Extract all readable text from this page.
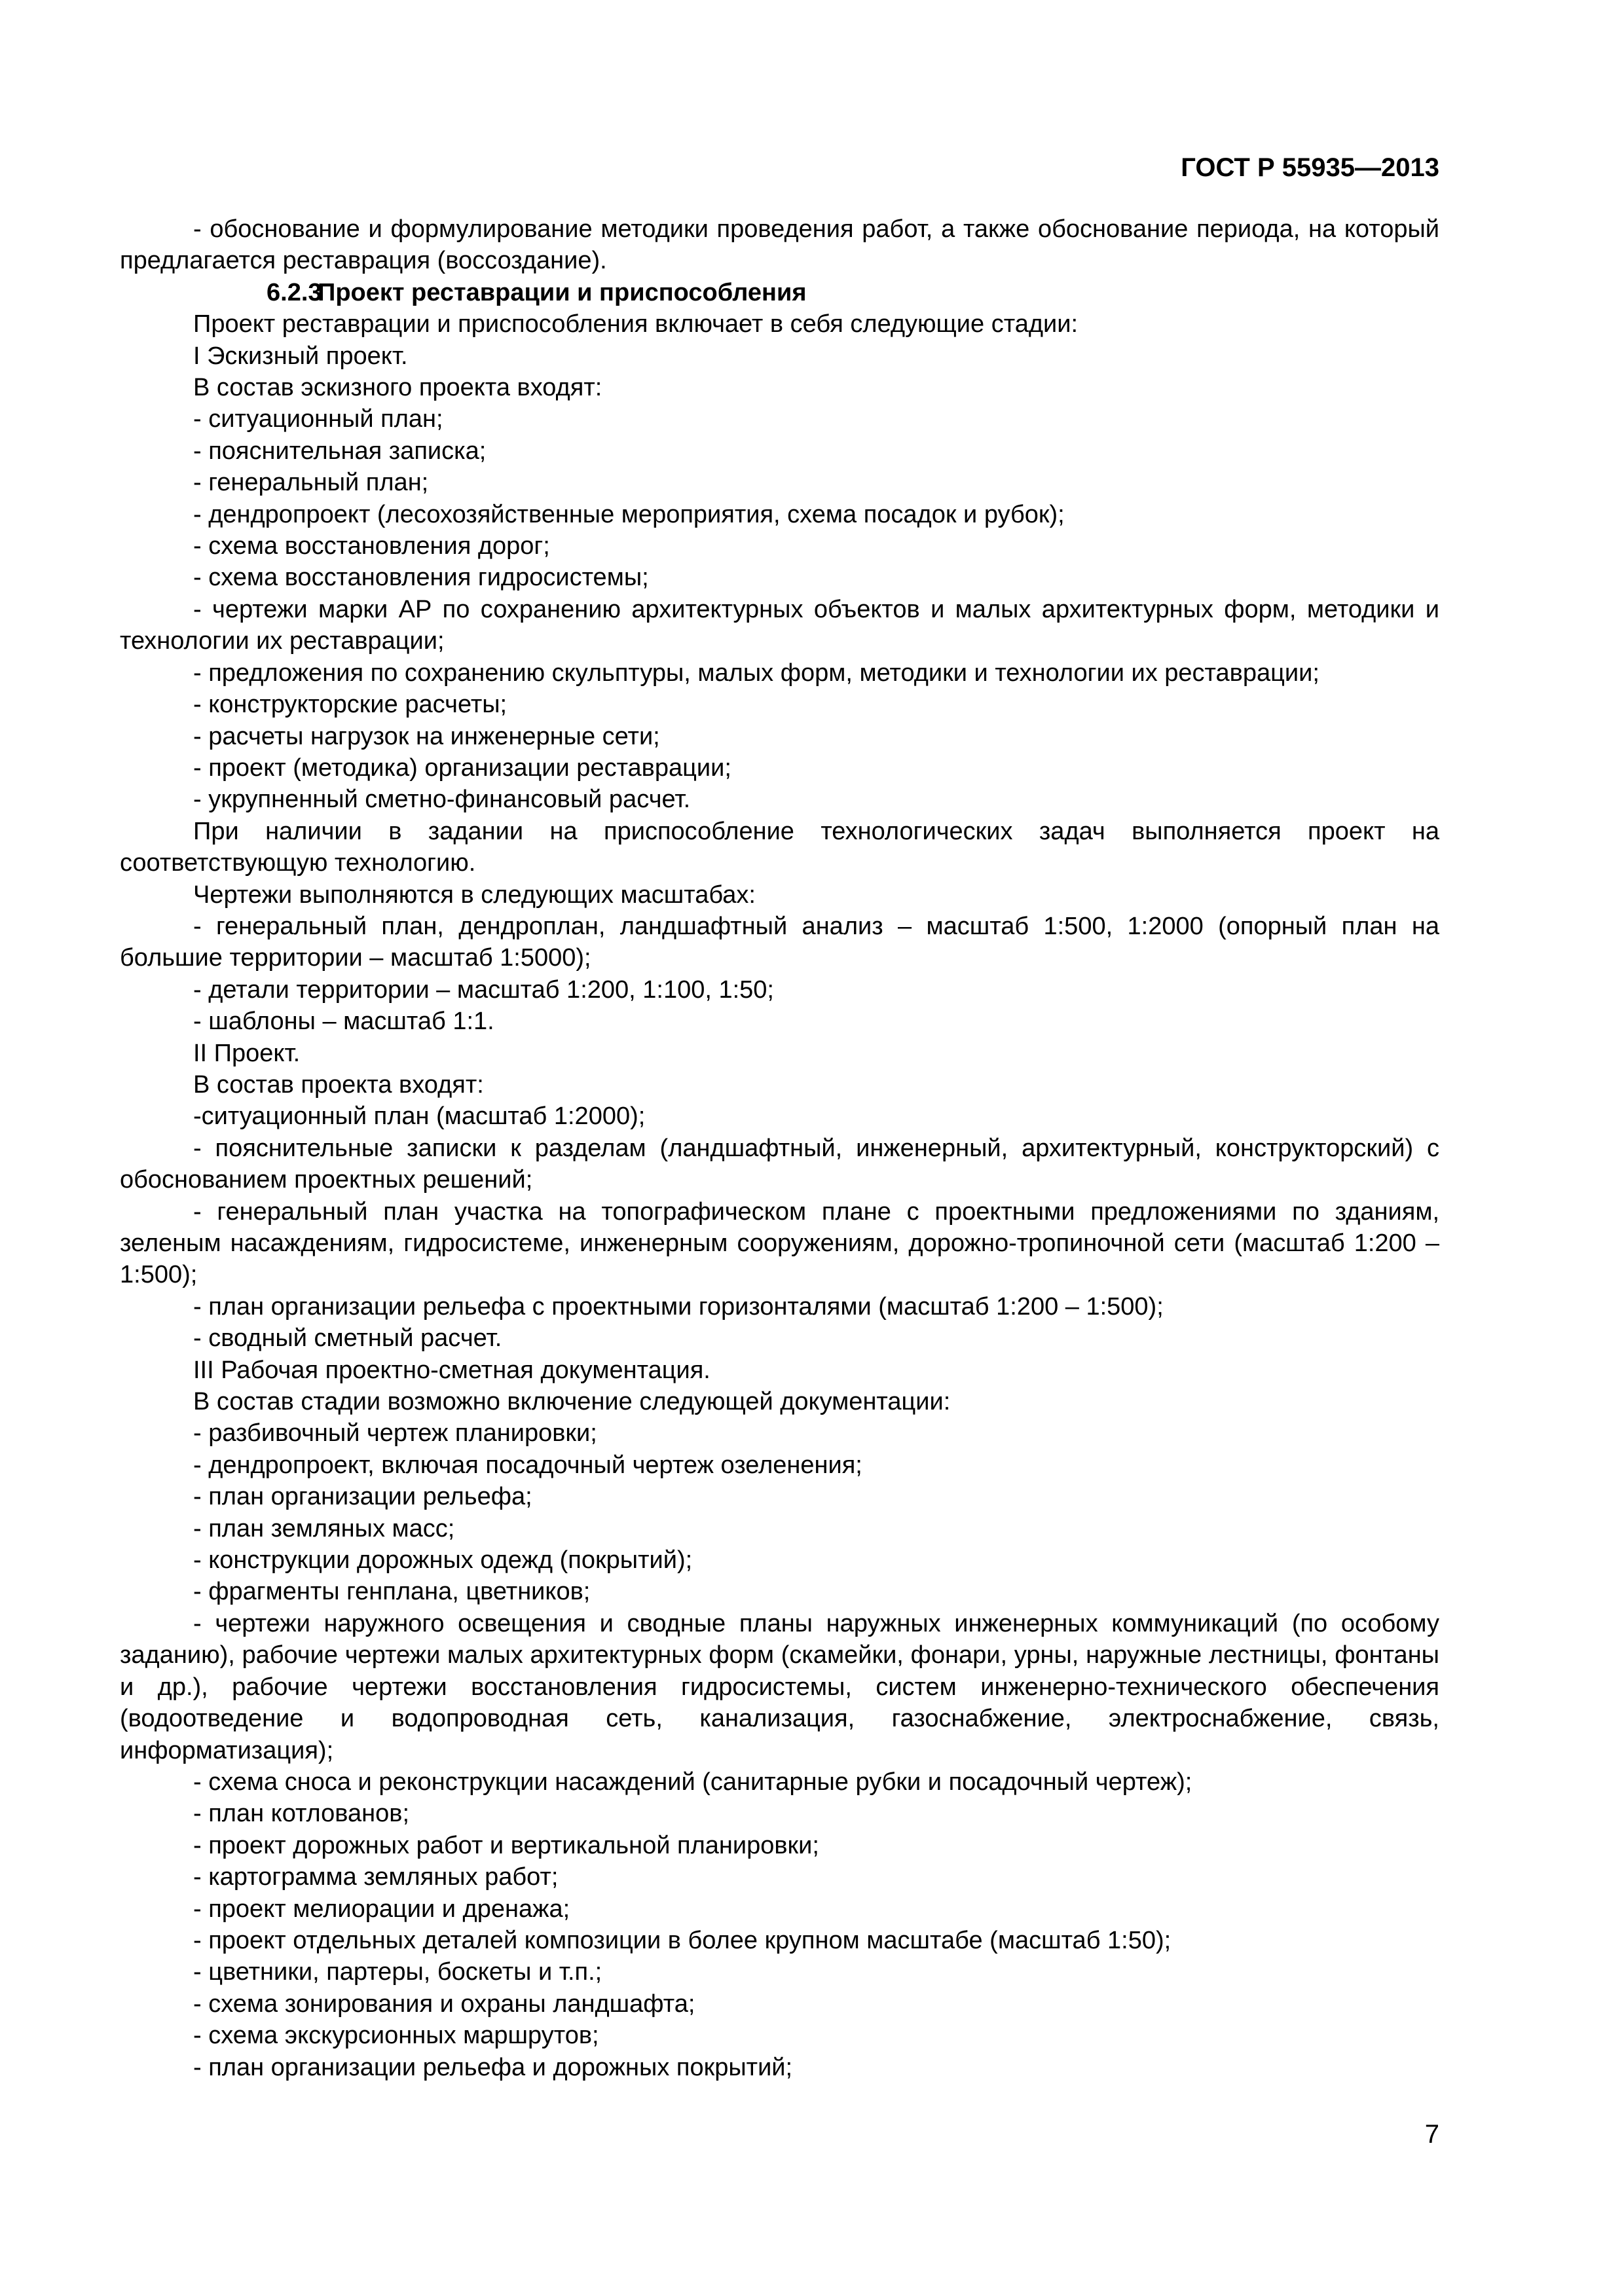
ГОСТ Р 55935—2013

- обоснование и формулирование методики проведения работ, а также обоснование периода, на который предлагается реставрация (воссоздание).

6.2.3Проект реставрации и приспособления

Проект реставрации и приспособления включает в себя следующие стадии:

I Эскизный проект.

В состав эскизного проекта входят:

- ситуационный план;

- пояснительная записка;

- генеральный план;

- дендропроект (лесохозяйственные мероприятия, схема посадок и рубок);

- схема восстановления дорог;

- схема восстановления гидросистемы;

- чертежи марки АР по сохранению архитектурных объектов и малых архитектурных форм, методики и технологии их реставрации;

- предложения по сохранению скульптуры, малых форм, методики и технологии их реставрации;

- конструкторские расчеты;

- расчеты нагрузок на инженерные сети;

- проект (методика) организации реставрации;

- укрупненный сметно-финансовый расчет.

При наличии в задании на приспособление технологических задач выполняется проект на соответствующую технологию.

Чертежи выполняются в следующих масштабах:

- генеральный план, дендроплан, ландшафтный анализ – масштаб 1:500, 1:2000 (опорный план на большие территории – масштаб 1:5000);

- детали территории – масштаб 1:200, 1:100, 1:50;

- шаблоны – масштаб 1:1.

II Проект.

В состав проекта входят:

-ситуационный план (масштаб 1:2000);

- пояснительные записки к разделам (ландшафтный, инженерный, архитектурный, конструкторский) с обоснованием проектных решений;

- генеральный план участка на топографическом плане с проектными предложениями по зданиям, зеленым насаждениям, гидросистеме, инженерным сооружениям, дорожно-тропиночной сети (масштаб 1:200 – 1:500);

- план организации рельефа с проектными горизонталями (масштаб 1:200 – 1:500);

- сводный сметный расчет.

III Рабочая проектно-сметная документация.

В состав стадии возможно включение следующей документации:

- разбивочный чертеж планировки;

- дендропроект, включая посадочный чертеж озеленения;

- план организации рельефа;

- план земляных масс;

- конструкции дорожных одежд (покрытий);

- фрагменты генплана, цветников;

- чертежи наружного освещения и сводные планы наружных инженерных коммуникаций (по особому заданию), рабочие чертежи малых архитектурных форм (скамейки, фонари, урны, наружные лестницы, фонтаны и др.), рабочие чертежи восстановления гидросистемы, систем инженерно-технического обеспечения (водоотведение и водопроводная сеть, канализация, газоснабжение, электроснабжение, связь, информатизация);

- схема сноса и реконструкции насаждений (санитарные рубки и посадочный чертеж);

- план котлованов;

- проект дорожных работ и вертикальной планировки;

- картограмма земляных работ;

- проект мелиорации и дренажа;

- проект отдельных деталей композиции в более крупном масштабе (масштаб 1:50);

- цветники, партеры, боскеты и т.п.;

- схема зонирования и охраны ландшафта;

- схема экскурсионных маршрутов;

- план организации рельефа и дорожных покрытий;

7
